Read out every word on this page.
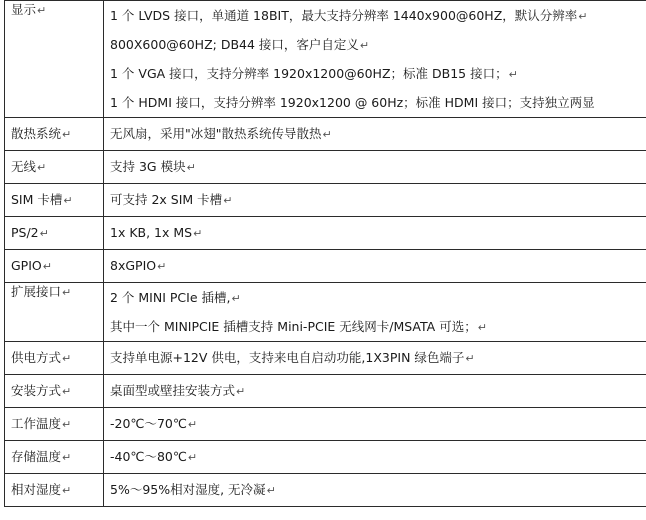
显示↵	1 个 LVDS 接口，单通道 18BIT，最大支持分辨率 1440x900@60HZ，默认分辨率↵
800X600@60HZ; DB44 接口，客户自定义↵
1 个 VGA 接口，支持分辨率 1920x1200@60HZ；标准 DB15 接口；↵
1 个 HDMI 接口，支持分辨率 1920x1200 @ 60Hz；标准 HDMI 接口；支持独立两显

散热系统↵	无风扇，采用"冰翅"散热系统传导散热↵
无线↵	支持 3G 模块↵
SIM 卡槽↵	可支持 2x SIM 卡槽↵
PS/2↵	1x KB, 1x MS↵
GPIO↵	8xGPIO↵
扩展接口↵	2 个 MINI PCIe 插槽,↵
其中一个 MINIPCIE 插槽支持 Mini-PCIE 无线网卡/MSATA 可选；↵

供电方式↵	支持单电源+12V 供电，支持来电自启动功能,1X3PIN 绿色端子↵
安装方式↵	桌面型或壁挂安装方式↵
工作温度↵	-20℃～70℃↵
存储温度↵	-40℃～80℃↵
相对湿度↵	5%～95%相对湿度, 无冷凝↵
